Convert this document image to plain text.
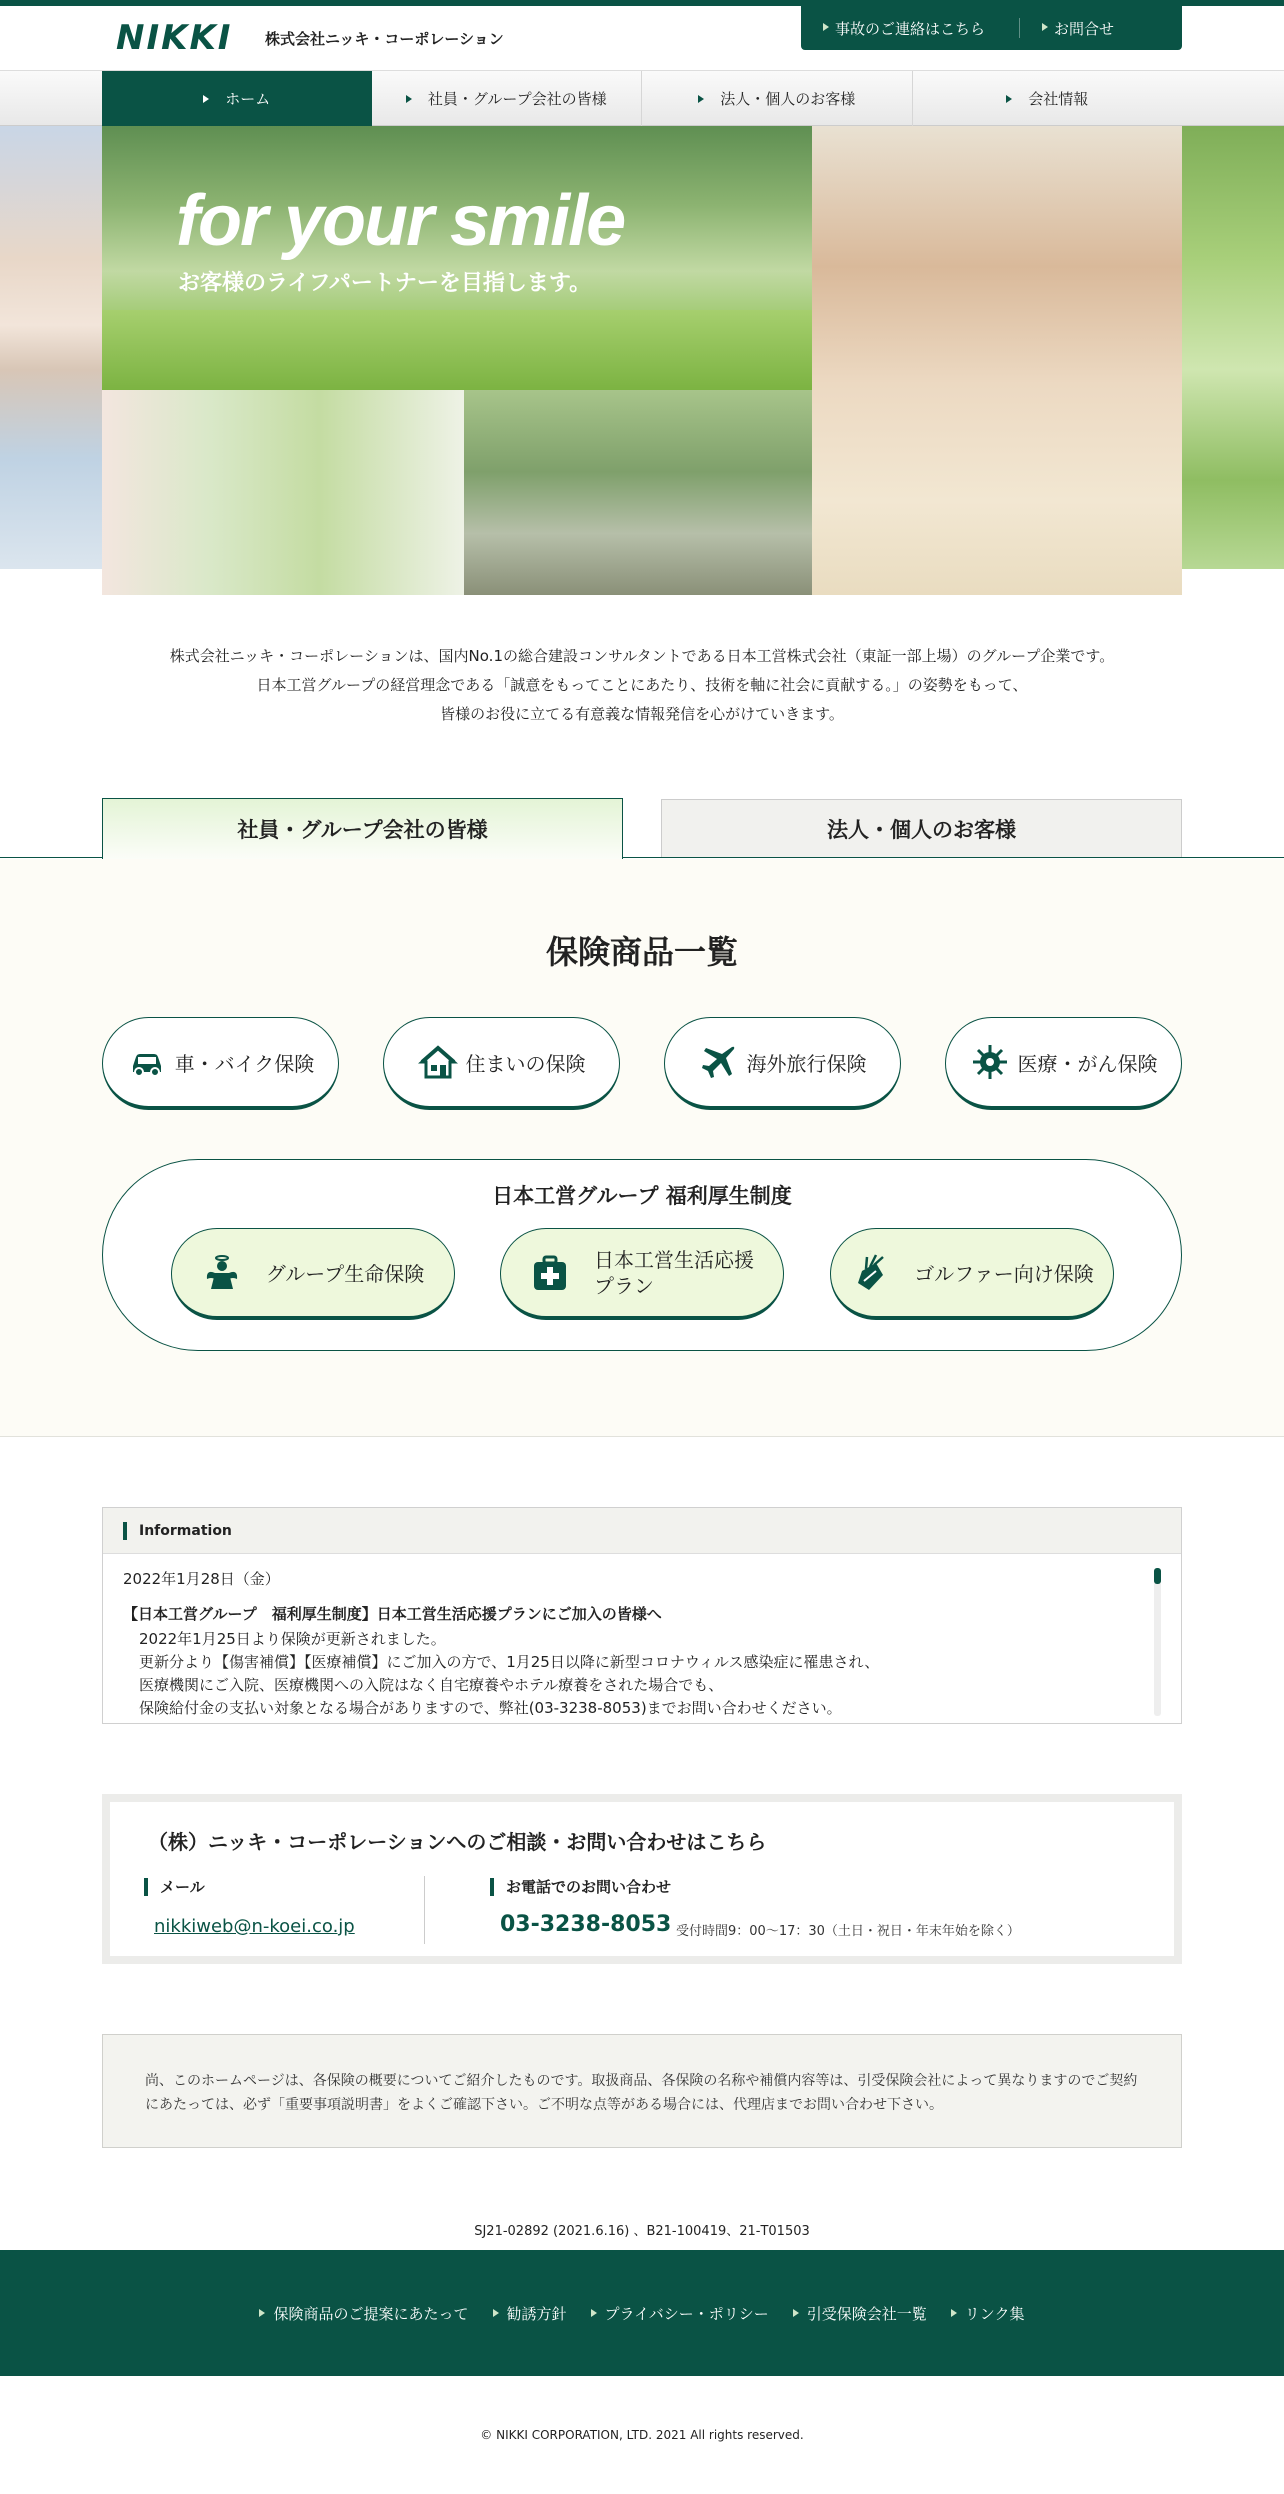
NIKKI 株式会社ニッキ・コーポレーション
事故のご連絡はこちら	お問合せ
ホーム	社員・グループ会社の皆様	法人・個人のお客様	会社情報
for your smile
お客様のライフパートナーを目指します。

株式会社ニッキ・コーポレーションは、国内No.1の総合建設コンサルタントである日本工営株式会社（東証一部上場）のグループ企業です。

日本工営グループの経営理念である「誠意をもってことにあたり、技術を軸に社会に貢献する。」の姿勢をもって、

皆様のお役に立てる有意義な情報発信を心がけていきます。

社員・グループ会社の皆様	法人・個人のお客様
保険商品一覧
車・バイク保険	住まいの保険	海外旅行保険	医療・がん保険
日本工営グループ 福利厚生制度
グループ生命保険
日本工営生活応援プラン	ゴルファー向け保険
Information
2022年1月28日（金）
【日本工営グループ　福利厚生制度】日本工営生活応援プランにご加入の皆様へ
2022年1月25日より保険が更新されました。
更新分より【傷害補償】【医療補償】にご加入の方で、1月25日以降に新型コロナウィルス感染症に罹患され、
医療機関にご入院、医療機関への入院はなく自宅療養やホテル療養をされた場合でも、
保険給付金の支払い対象となる場合がありますので、弊社(03-3238-8053)までお問い合わせください。
（株）ニッキ・コーポレーションへのご相談・お問い合わせはこちら
メール
nikkiweb@n-koei.co.jp
お電話でのお問い合わせ
03-3238-8053 受付時間9：00～17：30（土日・祝日・年末年始を除く）
尚、このホームページは、各保険の概要についてご紹介したものです。取扱商品、各保険の名称や補償内容等は、引受保険会社によって異なりますのでご契約にあたっては、必ず「重要事項説明書」をよくご確認下さい。ご不明な点等がある場合には、代理店までお問い合わせ下さい。
SJ21-02892 (2021.6.16) 、B21-100419、21-T01503
保険商品のご提案にあたって	勧誘方針	プライバシー・ポリシー	引受保険会社一覧	リンク集
© NIKKI CORPORATION, LTD. 2021 All rights reserved.
